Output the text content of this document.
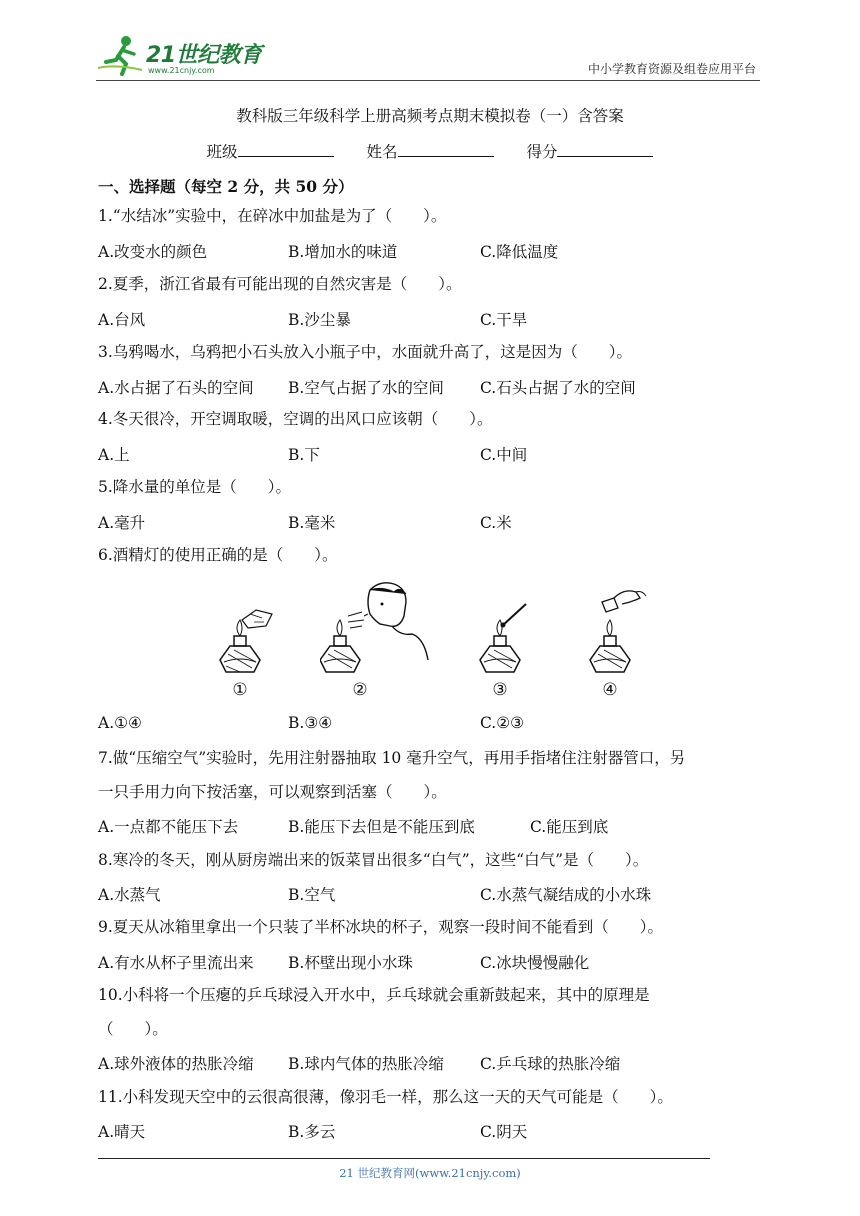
21世纪教育
www.21cnjy.com	中小学教育资源及组卷应用平台
教科版三年级科学上册高频考点期末模拟卷（一）含答案
班级	姓名	得分
一、选择题（每空 2 分，共 50 分）
1.“水结冰”实验中，在碎冰中加盐是为了（　　）。
A.改变水的颜色	B.增加水的味道	C.降低温度
2.夏季，浙江省最有可能出现的自然灾害是（　　）。
A.台风	B.沙尘暴	C.干旱
3.乌鸦喝水，乌鸦把小石头放入小瓶子中，水面就升高了，这是因为（　　）。
A.水占据了石头的空间 B.空气占据了水的空间 C.石头占据了水的空间
4.冬天很冷，开空调取暖，空调的出风口应该朝（　　）。
A.上	B.下	C.中间
5.降水量的单位是（　　）。
A.毫升	B.毫米	C.米
6.酒精灯的使用正确的是（　　）。
①	②	③	④
A.①④	B.③④	C.②③
7.做“压缩空气”实验时，先用注射器抽取 10 毫升空气，再用手指堵住注射器管口，另
一只手用力向下按活塞，可以观察到活塞（　　）。
A.一点都不能压下去	B.能压下去但是不能压到底	C.能压到底
8.寒冷的冬天，刚从厨房端出来的饭菜冒出很多“白气”，这些“白气”是（　　）。
A.水蒸气	B.空气	C.水蒸气凝结成的小水珠
9.夏天从冰箱里拿出一个只装了半杯冰块的杯子，观察一段时间不能看到（　　）。
A.有水从杯子里流出来 B.杯壁出现小水珠	C.冰块慢慢融化
10.小科将一个压瘪的乒乓球浸入开水中，乒乓球就会重新鼓起来，其中的原理是
（　　）。
A.球外液体的热胀冷缩 B.球内气体的热胀冷缩 C.乒乓球的热胀冷缩
11.小科发现天空中的云很高很薄，像羽毛一样，那么这一天的天气可能是（　　）。
A.晴天	B.多云	C.阴天
21 世纪教育网(www.21cnjy.com)
